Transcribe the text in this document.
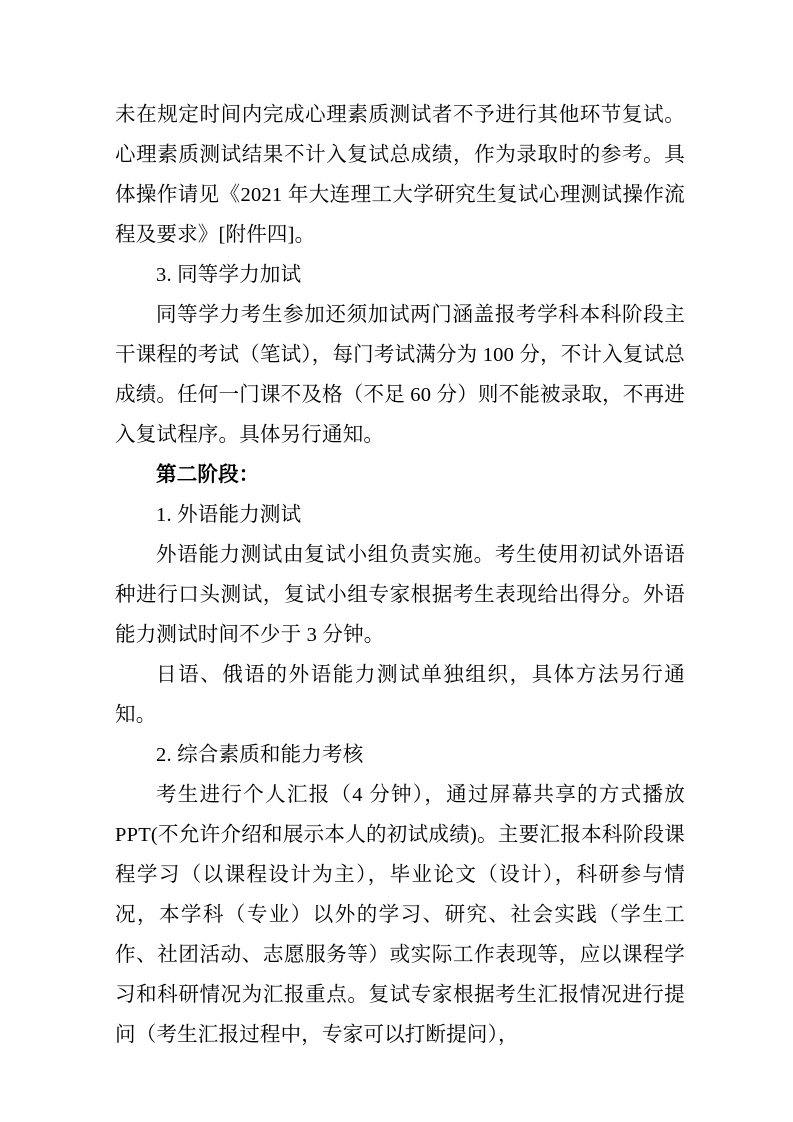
未在规定时间内完成心理素质测试者不予进行其他环节复试。心理素质测试结果不计入复试总成绩，作为录取时的参考。具体操作请见《2021 年大连理工大学研究生复试心理测试操作流程及要求》[附件四]。

3. 同等学力加试

同等学力考生参加还须加试两门涵盖报考学科本科阶段主干课程的考试（笔试），每门考试满分为 100 分，不计入复试总成绩。任何一门课不及格（不足 60 分）则不能被录取，不再进入复试程序。具体另行通知。

第二阶段：

1. 外语能力测试

外语能力测试由复试小组负责实施。考生使用初试外语语种进行口头测试，复试小组专家根据考生表现给出得分。外语能力测试时间不少于 3 分钟。

日语、俄语的外语能力测试单独组织，具体方法另行通知。

2. 综合素质和能力考核

考生进行个人汇报（4 分钟），通过屏幕共享的方式播放 PPT(不允许介绍和展示本人的初试成绩)。主要汇报本科阶段课程学习（以课程设计为主），毕业论文（设计），科研参与情况，本学科（专业）以外的学习、研究、社会实践（学生工作、社团活动、志愿服务等）或实际工作表现等，应以课程学习和科研情况为汇报重点。复试专家根据考生汇报情况进行提问（考生汇报过程中，专家可以打断提问），
